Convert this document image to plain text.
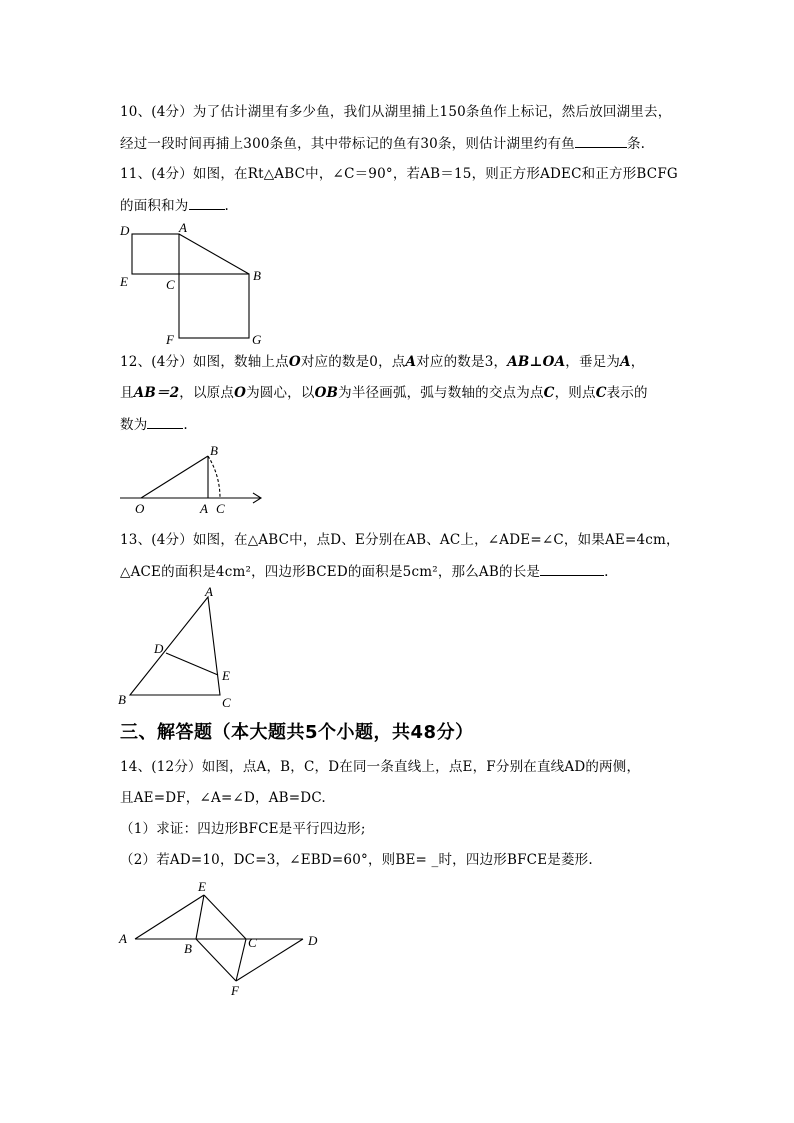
10、(4分）为了估计湖里有多少鱼，我们从湖里捕上150条鱼作上标记，然后放回湖里去，
经过一段时间再捕上300条鱼，其中带标记的鱼有30条，则估计湖里约有鱼	条.
11、(4分）如图，在Rt△ABC中，∠C＝90°，若AB＝15，则正方形ADEC和正方形BCFG
的面积和为	.
D	A
B
E	C
F	G
12、(4分）如图，数轴上点O对应的数是0，点A对应的数是3，AB⊥OA，垂足为A，
且AB＝2，以原点O为圆心，以OB为半径画弧，弧与数轴的交点为点C，则点C表示的
数为	.
B
O	A C
13、(4分）如图，在△ABC中，点D、E分别在AB、AC上，∠ADE=∠C，如果AE=4cm，
△ACE的面积是4cm²，四边形BCED的面积是5cm²，那么AB的长是	.
A
D
E
B	C
三、解答题（本大题共5个小题，共48分）
14、(12分）如图，点A，B，C，D在同一条直线上，点E，F分别在直线AD的两侧，
且AE=DF，∠A=∠D，AB=DC.
（1）求证：四边形BFCE是平行四边形;
（2）若AD=10，DC=3，∠EBD=60°，则BE= _时，四边形BFCE是菱形.
E
A
B	C	D
F
